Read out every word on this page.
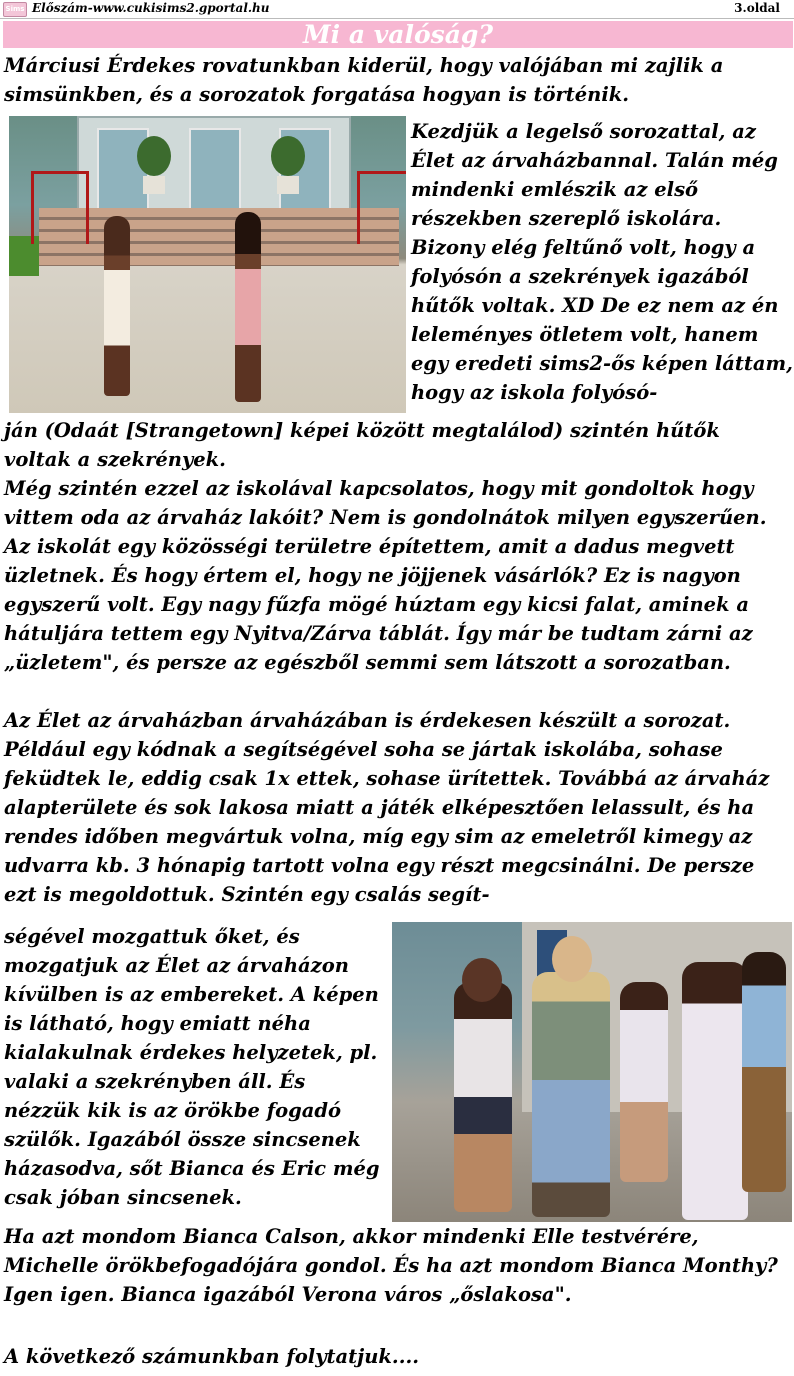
Sims Előszám-www.cukisims2.gportal.hu	3.oldal
Mi a valóság?

Márciusi Érdekes rovatunkban kiderül, hogy valójában mi zajlik a simsünkben, és a sorozatok forgatása hogyan is történik.

Kezdjük a legelső sorozattal, az Élet az árvaházbannal. Talán még mindenki emlészik az első részekben szereplő iskolára. Bizony elég feltűnő volt, hogy a folyósón a szekrények igazából hűtők voltak. XD De ez nem az én leleményes ötletem volt, hanem egy eredeti sims2-ős képen láttam, hogy az iskola folyósó-

ján (Odaát [Strangetown] képei között megtalálod) szintén hűtők voltak a szekrények.

Még szintén ezzel az iskolával kapcsolatos, hogy mit gondoltok hogy vittem oda az árvaház lakóit? Nem is gondolnátok milyen egyszerűen. Az iskolát egy közösségi területre építettem, amit a dadus megvett üzletnek. És hogy értem el, hogy ne jöjjenek vásárlók? Ez is nagyon egyszerű volt. Egy nagy fűzfa mögé húztam egy kicsi falat, aminek a hátuljára tettem egy Nyitva/Zárva táblát. Így már be tudtam zárni az „üzletem", és persze az egészből semmi sem látszott a sorozatban.

Az Élet az árvaházban árvaházában is érdekesen készült a sorozat. Például egy kódnak a segítségével soha se jártak iskolába, sohase feküdtek le, eddig csak 1x ettek, sohase ürítettek. Továbbá az árvaház alapterülete és sok lakosa miatt a játék elképesztően lelassult, és ha rendes időben megvártuk volna, míg egy sim az emeletről kimegy az udvarra kb. 3 hónapig tartott volna egy részt megcsinálni. De persze ezt is megoldottuk. Szintén egy csalás segít-

ségével mozgattuk őket, és mozgatjuk az Élet az árvaházon kívülben is az embereket. A képen is látható, hogy emiatt néha kialakulnak érdekes helyzetek, pl. valaki a szekrényben áll. És nézzük kik is az örökbe fogadó szülők. Igazából össze sincsenek házasodva, sőt Bianca és Eric még csak jóban sincsenek.

Ha azt mondom Bianca Calson, akkor mindenki Elle testvérére, Michelle örökbefogadójára gondol. És ha azt mondom Bianca Monthy? Igen igen. Bianca igazából Verona város „őslakosa".

A következő számunkban folytatjuk....
